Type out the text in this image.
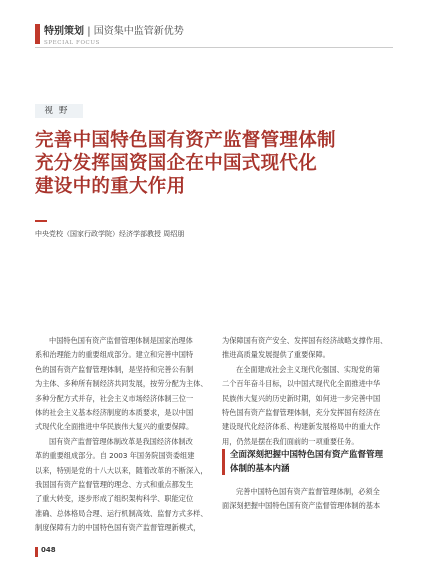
特别策划 | 国资集中监管新优势
SPECIAL FOCUS
视野
完善中国特色国有资产监督管理体制
充分发挥国资国企在中国式现代化
建设中的重大作用
中央党校（国家行政学院）经济学部教授 周绍朋

中国特色国有资产监督管理体制是国家治理体

系和治理能力的重要组成部分。建立和完善中国特

色的国有资产监督管理体制，是坚持和完善公有制

为主体、多种所有制经济共同发展，按劳分配为主体、

多种分配方式并存，社会主义市场经济体制三位一

体的社会主义基本经济制度的本质要求，是以中国

式现代化全面推进中华民族伟大复兴的重要保障。

国有资产监督管理体制改革是我国经济体制改

革的重要组成部分。自 2003 年国务院国资委组建

以来，特别是党的十八大以来，随着改革的不断深入，

我国国有资产监督管理的理念、方式和重点都发生

了重大转变，逐步形成了组织架构科学、职能定位

准确、总体格局合理、运行机制高效、监督方式多样、

制度保障有力的中国特色国有资产监督管理新模式，

为保障国有资产安全、发挥国有经济战略支撑作用、

推进高质量发展提供了重要保障。

在全面建成社会主义现代化强国、实现党的第

二个百年奋斗目标，以中国式现代化全面推进中华

民族伟大复兴的历史新时期，如何进一步完善中国

特色国有资产监督管理体制，充分发挥国有经济在

建设现代化经济体系、构建新发展格局中的重大作

用，仍然是摆在我们面前的一项重要任务。

全面深刻把握中国特色国有资产监督管理
体制的基本内涵

完善中国特色国有资产监督管理体制，必须全

面深刻把握中国特色国有资产监督管理体制的基本

048
